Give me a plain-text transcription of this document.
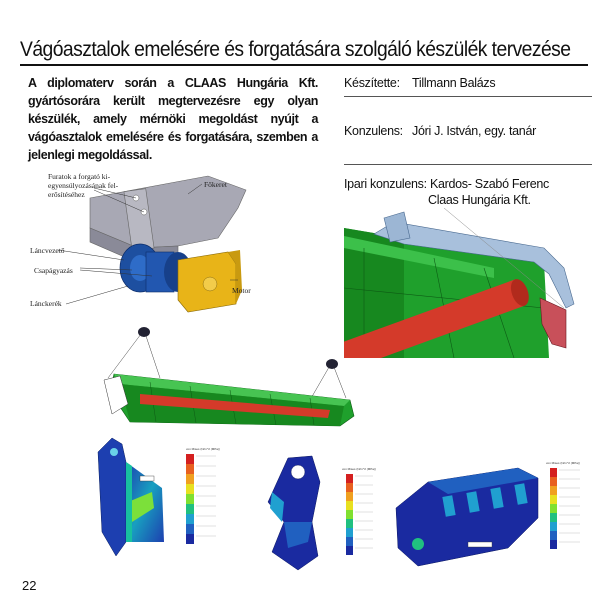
Vágóasztalok emelésére és forgatására szolgáló készülék tervezése
A diplomaterv során a CLAAS Hungária Kft. gyártósorára került megtervezésre egy olyan készülék, amely mérnöki megoldást nyújt a vágóasztalok emelésére és forgatására, szemben a jelenlegi megoldással.
Készítette: Tillmann Balázs
Konzulens: Jóri J. István, egy. tanár
Ipari konzulens: Kardos- Szabó Ferenc
Claas Hungária Kft.
Furatok a forgató ki-
egyensúlyozásának fel-
erősítéséhez
Főkeret
Láncvezető
Csapágyazás
Lánckerék
Motor
von Mises (N/m^2 (MPa))
von Mises (N/m^2 (MPa))
von Mises (N/m^2 (MPa))
22
